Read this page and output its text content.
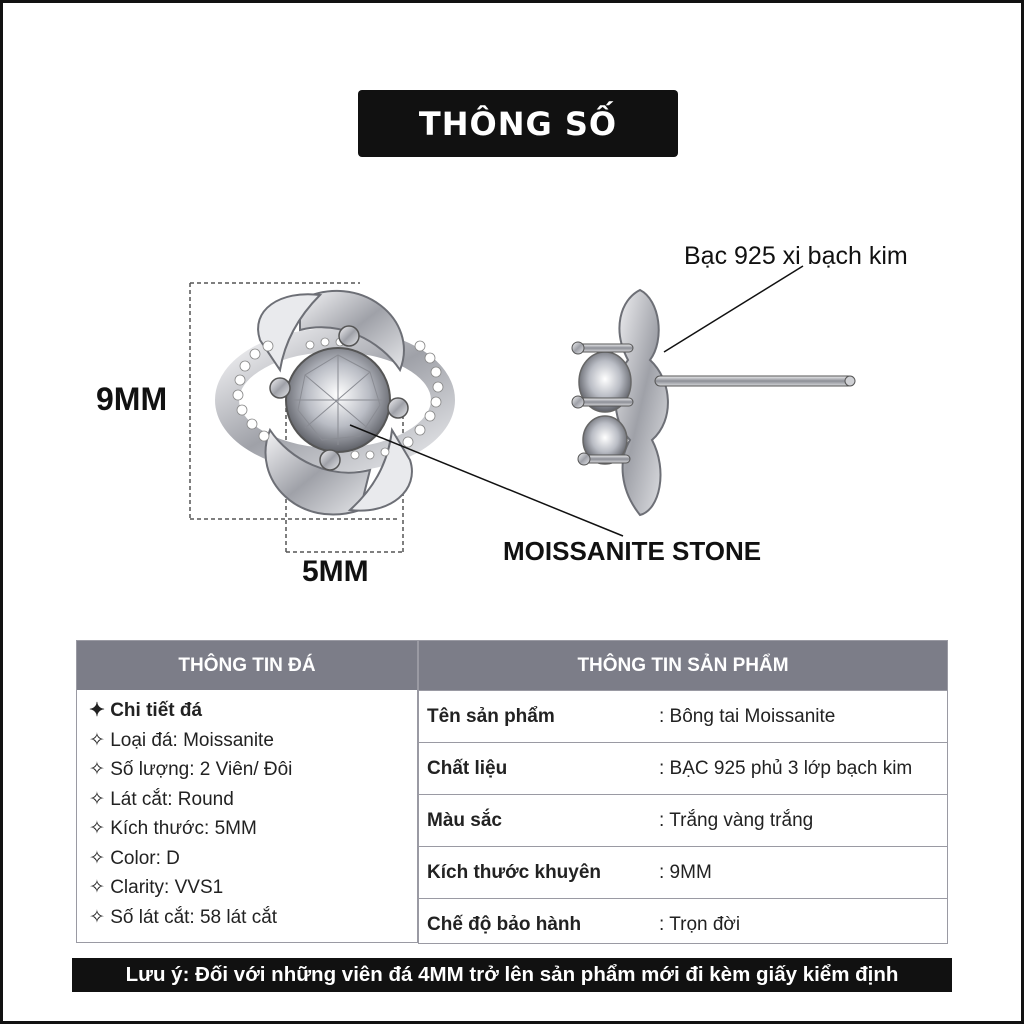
THÔNG SỐ
9MM
5MM
Bạc 925 xi bạch kim
MOISSANITE STONE
THÔNG TIN ĐÁ
✦ Chi tiết đá
✧ Loại đá: Moissanite
✧ Số lượng: 2 Viên/ Đôi
✧ Lát cắt: Round
✧ Kích thước: 5MM
✧ Color: D
✧ Clarity: VVS1
✧ Số lát cắt: 58 lát cắt
THÔNG TIN SẢN PHẨM
Tên sản phẩm	: Bông tai Moissanite
Chất liệu	: BẠC 925 phủ 3 lớp bạch kim
Màu sắc	: Trắng vàng trắng
Kích thước khuyên	: 9MM
Chế độ bảo hành	: Trọn đời
Lưu ý: Đối với những viên đá 4MM trở lên sản phẩm mới đi kèm giấy kiểm định
